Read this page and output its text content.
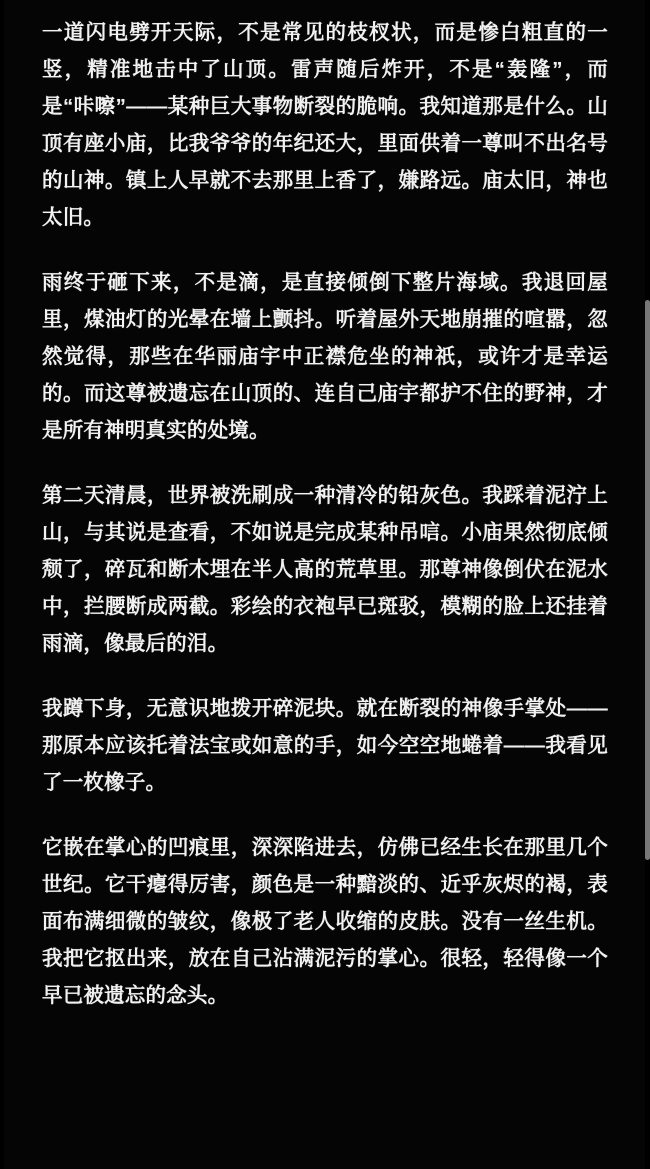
一道闪电劈开天际，不是常见的枝杈状，而是惨白粗直的一竖，精准地击中了山顶。雷声随后炸开，不是“轰隆”，而是“咔嚓”——某种巨大事物断裂的脆响。我知道那是什么。山顶有座小庙，比我爷爷的年纪还大，里面供着一尊叫不出名号的山神。镇上人早就不去那里上香了，嫌路远。庙太旧，神也太旧。

雨终于砸下来，不是滴，是直接倾倒下整片海域。我退回屋里，煤油灯的光晕在墙上颤抖。听着屋外天地崩摧的喧嚣，忽然觉得，那些在华丽庙宇中正襟危坐的神祇，或许才是幸运的。而这尊被遗忘在山顶的、连自己庙宇都护不住的野神，才是所有神明真实的处境。

第二天清晨，世界被洗刷成一种清冷的铅灰色。我踩着泥泞上山，与其说是查看，不如说是完成某种吊唁。小庙果然彻底倾颓了，碎瓦和断木埋在半人高的荒草里。那尊神像倒伏在泥水中，拦腰断成两截。彩绘的衣袍早已斑驳，模糊的脸上还挂着雨滴，像最后的泪。

我蹲下身，无意识地拨开碎泥块。就在断裂的神像手掌处——那原本应该托着法宝或如意的手，如今空空地蜷着——我看见了一枚橡子。

它嵌在掌心的凹痕里，深深陷进去，仿佛已经生长在那里几个世纪。它干瘪得厉害，颜色是一种黯淡的、近乎灰烬的褐，表面布满细微的皱纹，像极了老人收缩的皮肤。没有一丝生机。我把它抠出来，放在自己沾满泥污的掌心。很轻，轻得像一个早已被遗忘的念头。
